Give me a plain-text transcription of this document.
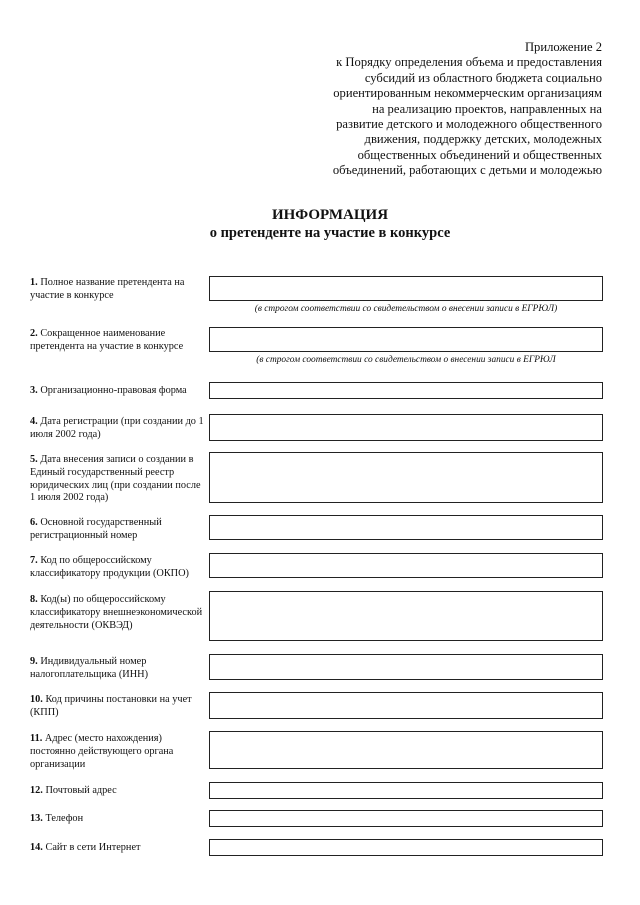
Приложение 2
к Порядку определения объема и предоставления
субсидий из областного бюджета социально
ориентированным некоммерческим организациям
на реализацию проектов, направленных на
развитие детского и молодежного общественного
движения, поддержку детских, молодежных
общественных объединений и общественных
объединений, работающих с детьми и молодежью
ИНФОРМАЦИЯ
о претенденте на участие в конкурсе
1. Полное название претендента на участие в конкурсе
(в строгом соответствии со свидетельством о внесении записи в ЕГРЮЛ)
2. Сокращенное наименование претендента на участие в конкурсе
(в строгом соответствии со свидетельством о внесении записи в ЕГРЮЛ
3. Организационно-правовая форма
4. Дата регистрации (при создании до 1 июля 2002 года)
5. Дата внесения записи о создании в Единый государственный реестр юридических лиц (при создании после 1 июля 2002 года)
6. Основной государственный регистрационный номер
7. Код по общероссийскому классификатору продукции (ОКПО)
8. Код(ы) по общероссийскому классификатору внешнеэкономической деятельности (ОКВЭД)
9. Индивидуальный номер налогоплательщика (ИНН)
10. Код причины постановки на учет (КПП)
11. Адрес (место нахождения) постоянно действующего органа организации
12. Почтовый адрес
13. Телефон
14. Сайт в сети Интернет
